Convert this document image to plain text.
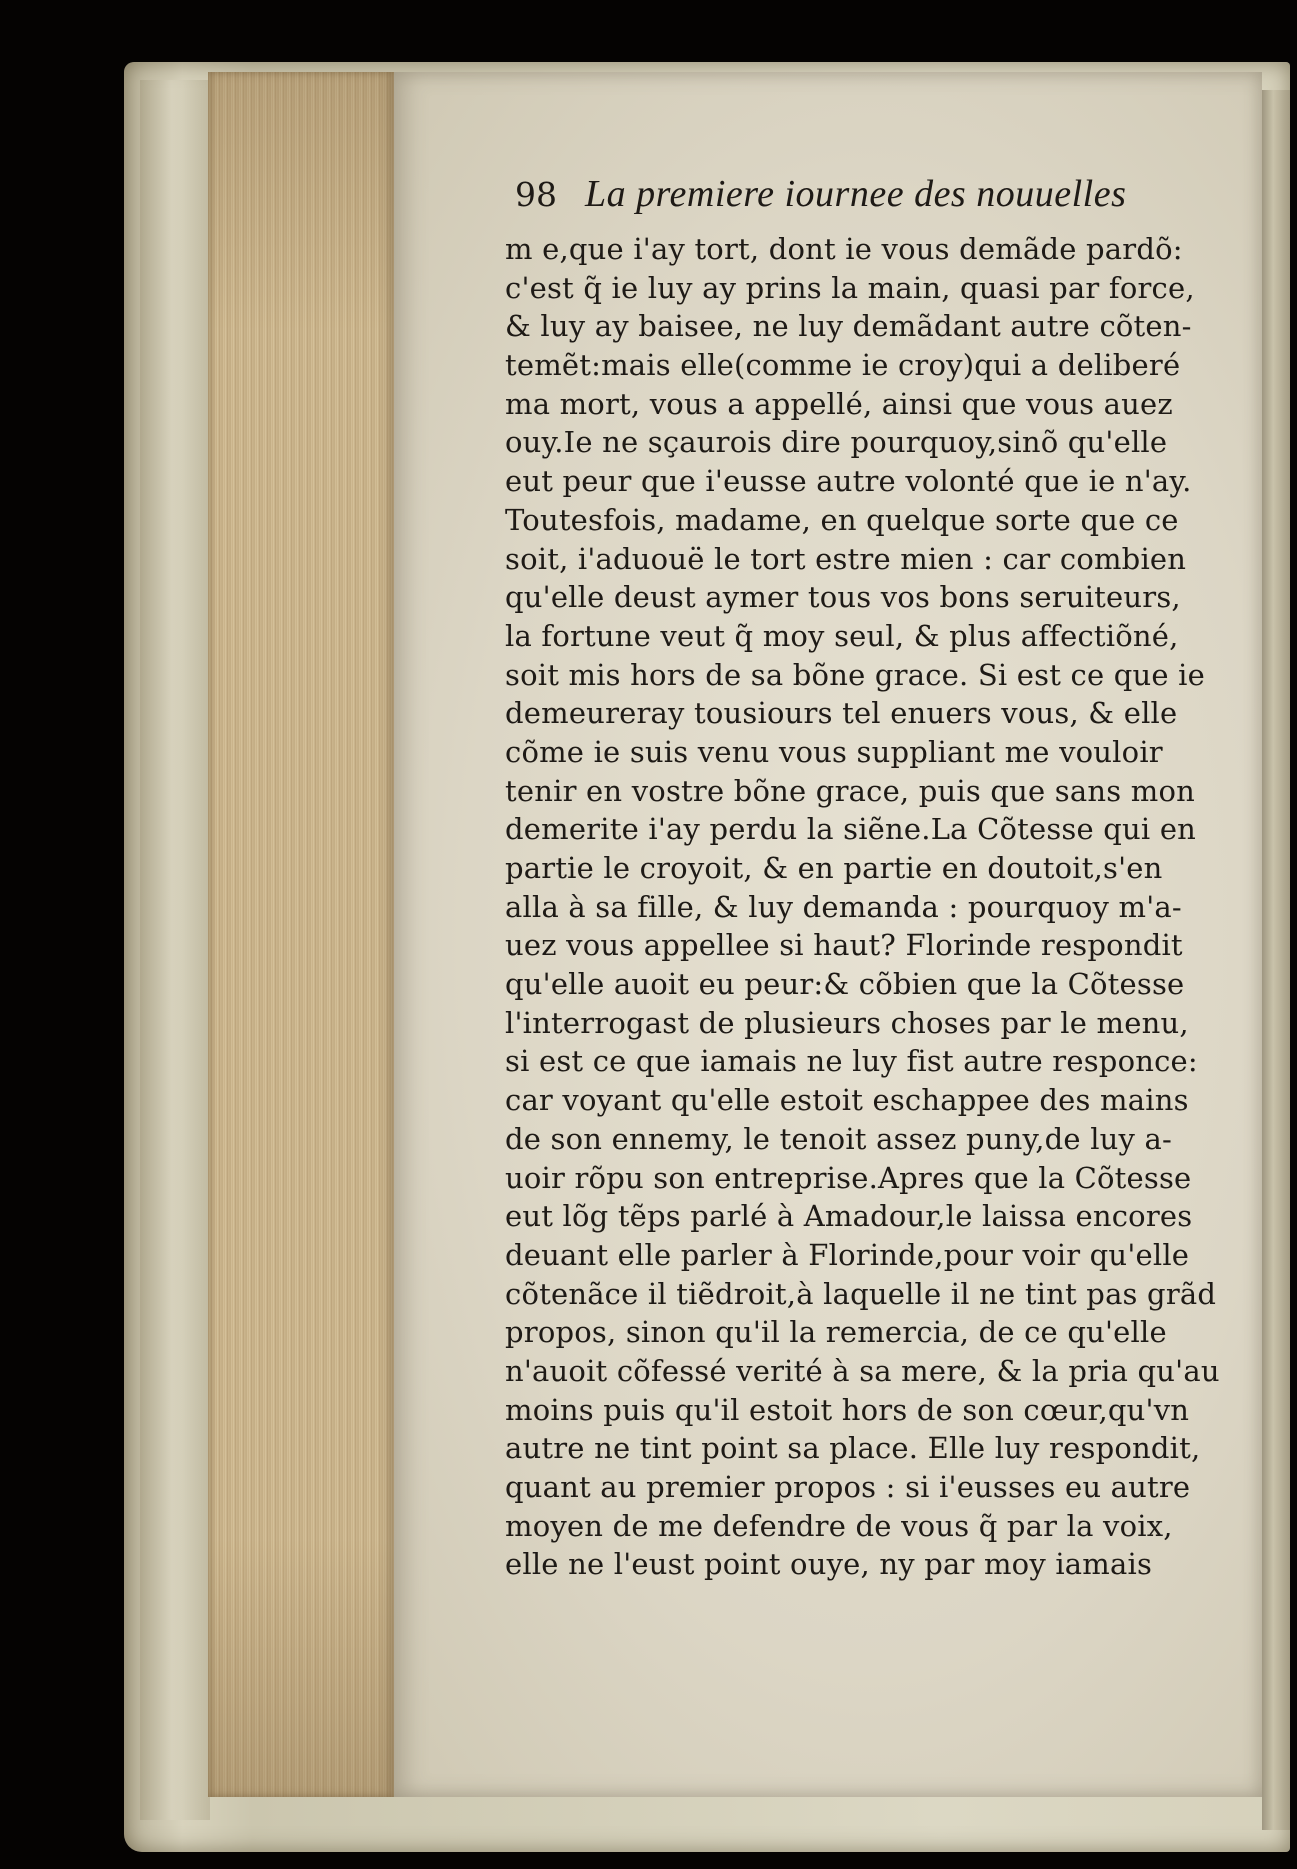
98 La premiere iournee des nouuelles
m e,que i'ay tort, dont ie vous demãde pardõ:
c'est q̃ ie luy ay prins la main, quasi par force,
& luy ay baisee, ne luy demãdant autre cõten-
temẽt:mais elle(comme ie croy)qui a deliberé
ma mort, vous a appellé, ainsi que vous auez
ouy.Ie ne sçaurois dire pourquoy,sinõ qu'elle
eut peur que i'eusse autre volonté que ie n'ay.
Toutesfois, madame, en quelque sorte que ce
soit, i'aduouë le tort estre mien : car combien
qu'elle deust aymer tous vos bons seruiteurs,
la fortune veut q̃ moy seul, & plus affectiõné,
soit mis hors de sa bõne grace. Si est ce que ie
demeureray tousiours tel enuers vous, & elle
cõme ie suis venu vous suppliant me vouloir
tenir en vostre bõne grace, puis que sans mon
demerite i'ay perdu la siẽne.La Cõtesse qui en
partie le croyoit, & en partie en doutoit,s'en
alla à sa fille, & luy demanda : pourquoy m'a-
uez vous appellee si haut? Florinde respondit
qu'elle auoit eu peur:& cõbien que la Cõtesse
l'interrogast de plusieurs choses par le menu,
si est ce que iamais ne luy fist autre responce:
car voyant qu'elle estoit eschappee des mains
de son ennemy, le tenoit assez puny,de luy a-
uoir rõpu son entreprise.Apres que la Cõtesse
eut lõg tẽps parlé à Amadour,le laissa encores
deuant elle parler à Florinde,pour voir qu'elle
cõtenãce il tiẽdroit,à laquelle il ne tint pas grãd
propos, sinon qu'il la remercia, de ce qu'elle
n'auoit cõfessé verité à sa mere, & la pria qu'au
moins puis qu'il estoit hors de son cœur,qu'vn
autre ne tint point sa place. Elle luy respondit,
quant au premier propos : si i'eusses eu autre
moyen de me defendre de vous q̃ par la voix,
elle ne l'eust point ouye, ny par moy iamais
